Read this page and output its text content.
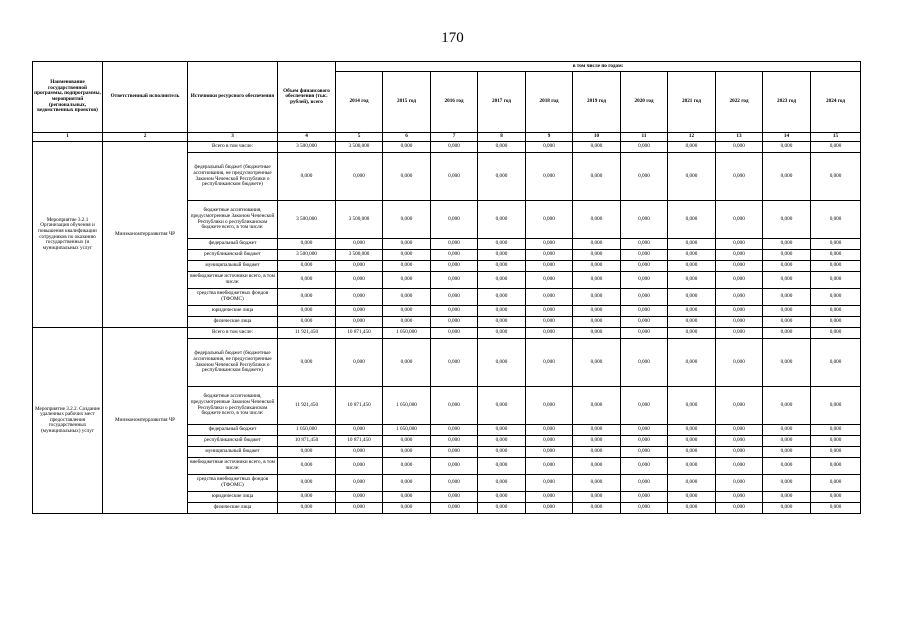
170
Наименование государственной программы, подпрограммы, мероприятий (региональных, ведомственных проектов)	Ответственный исполнитель	Источники ресурсного обеспечения	Объем финансового обеспечения (тыс. рублей), всего	в том числе по годам:										
				2014 год	2015 год	2016 год	2017 год	2018 год	2019 год	2020 год	2021 год	2022 год	2023 год	2024 год
1	2	3	4	5	6	7	8	9	10	11	12	13	14	15
Мероприятие 3.2.1 Организация обучения и повышения квалификации сотрудников по оказанию государственных (и муниципальных услуг	Минэкономтерразвития ЧР	Всего в том числе:	3 500,000	3 500,000	0,000	0,000	0,000	0,000	0,000	0,000	0,000	0,000	0,000	0,000
		федеральный бюджет (бюджетные ассигнования, не предусмотренные Законом Чеченской Республики о республиканском бюджете)	0,000	0,000	0,000	0,000	0,000	0,000	0,000	0,000	0,000	0,000	0,000	0,000
		бюджетные ассигнования, предусмотренные Законом Чеченской Республики о республиканском бюджете всего, в том числе:	3 500,000	3 500,000	0,000	0,000	0,000	0,000	0,000	0,000	0,000	0,000	0,000	0,000
		федеральный бюджет	0,000	0,000	0,000	0,000	0,000	0,000	0,000	0,000	0,000	0,000	0,000	0,000
		республиканский бюджет	3 500,000	3 500,000	0,000	0,000	0,000	0,000	0,000	0,000	0,000	0,000	0,000	0,000
		муниципальный бюджет	0,000	0,000	0,000	0,000	0,000	0,000	0,000	0,000	0,000	0,000	0,000	0,000
		внебюджетные источники всего, в том числе:	0,000	0,000	0,000	0,000	0,000	0,000	0,000	0,000	0,000	0,000	0,000	0,000
		средства внебюджетных фондов (ТФОМС)	0,000	0,000	0,000	0,000	0,000	0,000	0,000	0,000	0,000	0,000	0,000	0,000
		юридические лица	0,000	0,000	0,000	0,000	0,000	0,000	0,000	0,000	0,000	0,000	0,000	0,000
		физические лица	0,000	0,000	0,000	0,000	0,000	0,000	0,000	0,000	0,000	0,000	0,000	0,000
Мероприятие 3.2.2. Создание удаленных рабочих мест предоставления государственных (муниципальных) услуг	Минэкономтерразвития ЧР	Всего в том числе:	11 921,450	10 871,450	1 050,000	0,000	0,000	0,000	0,000	0,000	0,000	0,000	0,000	0,000
		федеральный бюджет (бюджетные ассигнования, не предусмотренные Законом Чеченской Республики о республиканском бюджете)	0,000	0,000	0,000	0,000	0,000	0,000	0,000	0,000	0,000	0,000	0,000	0,000
		бюджетные ассигнования, предусмотренные Законом Чеченской Республики о республиканском бюджете всего, в том числе:	11 921,450	10 871,450	1 050,000	0,000	0,000	0,000	0,000	0,000	0,000	0,000	0,000	0,000
		федеральный бюджет	1 050,000	0,000	1 050,000	0,000	0,000	0,000	0,000	0,000	0,000	0,000	0,000	0,000
		республиканский бюджет	10 871,450	10 871,450	0,000	0,000	0,000	0,000	0,000	0,000	0,000	0,000	0,000	0,000
		муниципальный бюджет	0,000	0,000	0,000	0,000	0,000	0,000	0,000	0,000	0,000	0,000	0,000	0,000
		внебюджетные источники всего, в том числе:	0,000	0,000	0,000	0,000	0,000	0,000	0,000	0,000	0,000	0,000	0,000	0,000
		средства внебюджетных фондов (ТФОМС)	0,000	0,000	0,000	0,000	0,000	0,000	0,000	0,000	0,000	0,000	0,000	0,000
		юридические лица	0,000	0,000	0,000	0,000	0,000	0,000	0,000	0,000	0,000	0,000	0,000	0,000
		физические лица	0,000	0,000	0,000	0,000	0,000	0,000	0,000	0,000	0,000	0,000	0,000	0,000
